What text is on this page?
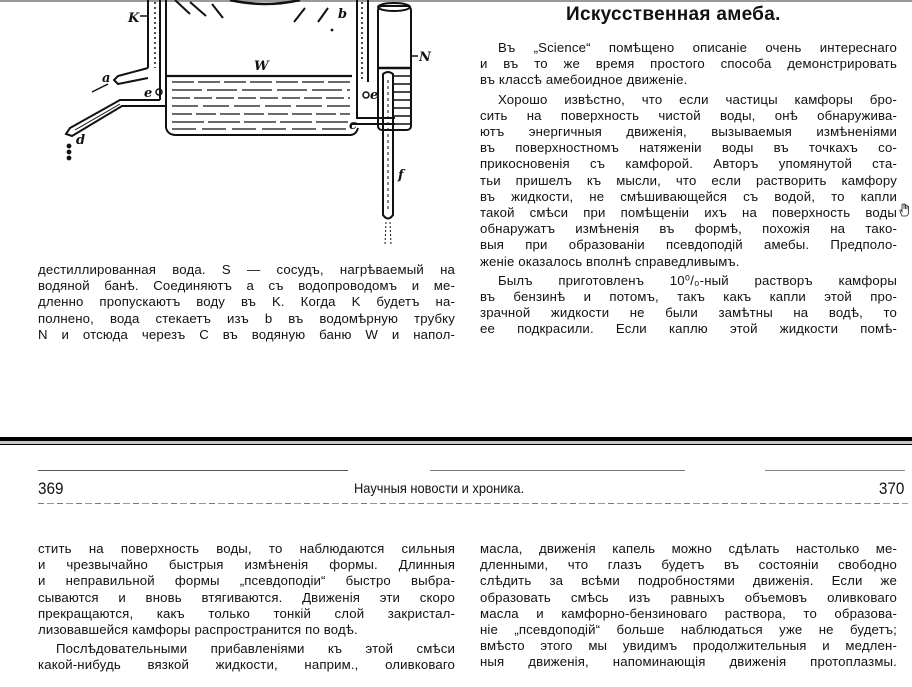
K
a
e
d
W
b
N
e
c
f
дестиллированная вода. S — сосудъ, нагрѣваемый на
водяной банѣ. Соединяютъ a съ водопроводомъ и ме-
дленно пропускаютъ воду въ K. Когда K будетъ на-
полнено, вода стекаетъ изъ b въ водомѣрную трубку
N и отсюда черезъ C въ водяную баню W и напол-
Искусственная амеба.
Въ „Science“ помѣщено описаніе очень интереснаго
и въ то же время простого способа демонстрировать
въ классѣ амебоидное движеніе.
Хорошо извѣстно, что если частицы камфоры бро-
сить на поверхность чистой воды, онѣ обнаружива-
ютъ энергичныя движенія, вызываемыя измѣненіями
въ поверхностномъ натяженіи воды въ точкахъ со-
прикосновенія съ камфорой. Авторъ упомянутой ста-
тьи пришелъ къ мысли, что если растворить камфору
въ жидкости, не смѣшивающейся съ водой, то капли
такой смѣси при помѣщеніи ихъ на поверхность воды
обнаружатъ измѣненія въ формѣ, похожія на тако-
выя при образованіи псевдоподій амебы. Предполо-
женіе оказалось вполнѣ справедливымъ.
Былъ приготовленъ 10⁰/₀-ный растворъ камфоры
въ бензинѣ и потомъ, такъ какъ капли этой про-
зрачной жидкости не были замѣтны на водѣ, то
ее подкрасили. Если каплю этой жидкости помѣ-
369	Научныя новости и хроника.	370
стить на поверхность воды, то наблюдаются сильныя
и чрезвычайно быстрыя измѣненія формы. Длинныя
и неправильной формы „псевдоподіи“ быстро выбра-
сываются и вновь втягиваются. Движенія эти скоро
прекращаются, какъ только тонкій слой закристал-
лизовавшейся камфоры распространится по водѣ.
Послѣдовательными прибавленіями къ этой смѣси
какой-нибудь вязкой жидкости, наприм., оливковаго
масла, движенія капель можно сдѣлать настолько ме-
дленными, что глазъ будетъ въ состояніи свободно
слѣдить за всѣми подробностями движенія. Если же
образовать смѣсь изъ равныхъ объемовъ оливковаго
масла и камфорно-бензиноваго раствора, то образова-
ніе „псевдоподій“ больше наблюдаться уже не будетъ;
вмѣсто этого мы увидимъ продолжительныя и медлен-
ныя движенія, напоминающія движенія протоплазмы.
